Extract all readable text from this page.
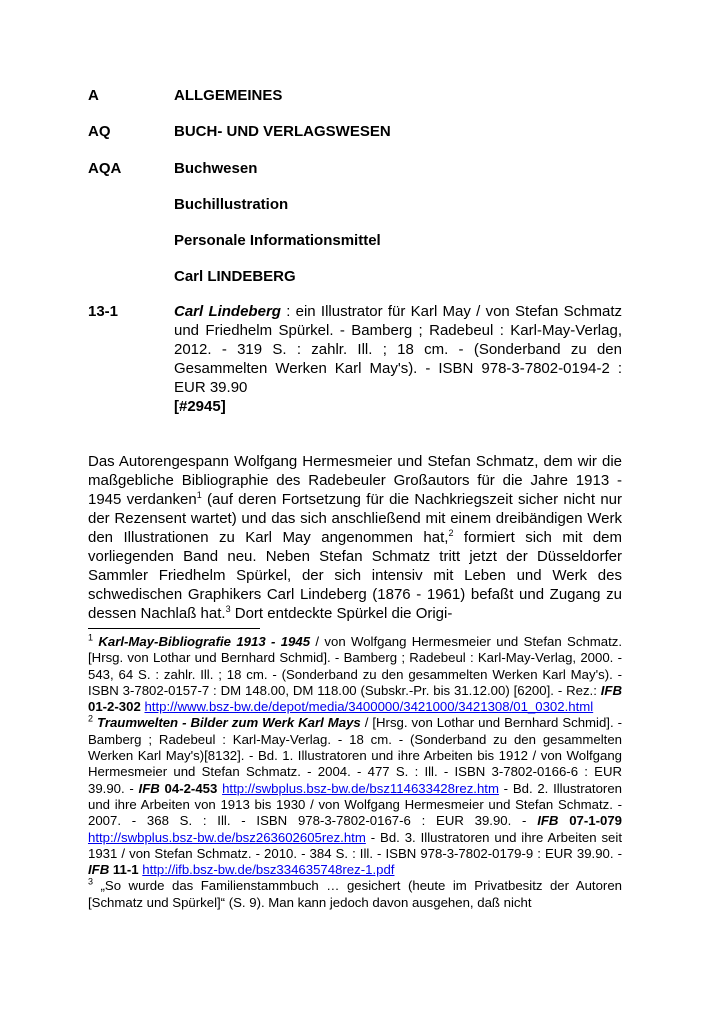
A	ALLGEMEINES
AQ	BUCH- UND VERLAGSWESEN
AQA	Buchwesen
Buchillustration
Personale Informationsmittel
Carl LINDEBERG
13-1	Carl Lindeberg : ein Illustrator für Karl May / von Stefan Schmatz und Friedhelm Spürkel. - Bamberg ; Radebeul : Karl-May-Verlag, 2012. - 319 S. : zahlr. Ill. ; 18 cm. - (Sonderband zu den Gesammelten Werken Karl May's). - ISBN 978-3-7802-0194-2 : EUR 39.90
[#2945]
Das Autorengespann Wolfgang Hermesmeier und Stefan Schmatz, dem wir die maßgebliche Bibliographie des Radebeuler Großautors für die Jahre 1913 - 1945 verdanken$^1$ (auf deren Fortsetzung für die Nachkriegszeit sicher nicht nur der Rezensent wartet) und das sich anschließend mit einem dreibändigen Werk den Illustrationen zu Karl May angenommen hat,$^2$ formiert sich mit dem vorliegenden Band neu. Neben Stefan Schmatz tritt jetzt der Düsseldorfer Sammler Friedhelm Spürkel, der sich intensiv mit Leben und Werk des schwedischen Graphikers Carl Lindeberg (1876 - 1961) befaßt und Zugang zu dessen Nachlaß hat.$^3$ Dort entdeckte Spürkel die Origi-

$^1$ Karl-May-Bibliografie 1913 - 1945 / von Wolfgang Hermesmeier und Stefan Schmatz. [Hrsg. von Lothar und Bernhard Schmid]. - Bamberg ; Radebeul : Karl-May-Verlag, 2000. - 543, 64 S. : zahlr. Ill. ; 18 cm. - (Sonderband zu den gesammelten Werken Karl May's). - ISBN 3-7802-0157-7 : DM 148.00, DM 118.00 (Subskr.-Pr. bis 31.12.00) [6200]. - Rez.: IFB 01-2-302 http://www.bsz-bw.de/depot/media/3400000/3421000/3421308/01_0302.html

$^2$ Traumwelten - Bilder zum Werk Karl Mays / [Hrsg. von Lothar und Bernhard Schmid]. - Bamberg ; Radebeul : Karl-May-Verlag. - 18 cm. - (Sonderband zu den gesammelten Werken Karl May's)[8132]. - Bd. 1. Illustratoren und ihre Arbeiten bis 1912 / von Wolfgang Hermesmeier und Stefan Schmatz. - 2004. - 477 S. : Ill. - ISBN 3-7802-0166-6 : EUR 39.90. - IFB 04-2-453 http://swbplus.bsz-bw.de/bsz114633428rez.htm - Bd. 2. Illustratoren und ihre Arbeiten von 1913 bis 1930 / von Wolfgang Hermesmeier und Stefan Schmatz. - 2007. - 368 S. : Ill. - ISBN 978-3-7802-0167-6 : EUR 39.90. - IFB 07-1-079 http://swbplus.bsz-bw.de/bsz263602605rez.htm - Bd. 3. Illustratoren und ihre Arbeiten seit 1931 / von Stefan Schmatz. - 2010. - 384 S. : Ill. - ISBN 978-3-7802-0179-9 : EUR 39.90. - IFB 11-1 http://ifb.bsz-bw.de/bsz334635748rez-1.pdf

$^3$ „So wurde das Familienstammbuch … gesichert (heute im Privatbesitz der Autoren [Schmatz und Spürkel]“ (S. 9). Man kann jedoch davon ausgehen, daß nicht
